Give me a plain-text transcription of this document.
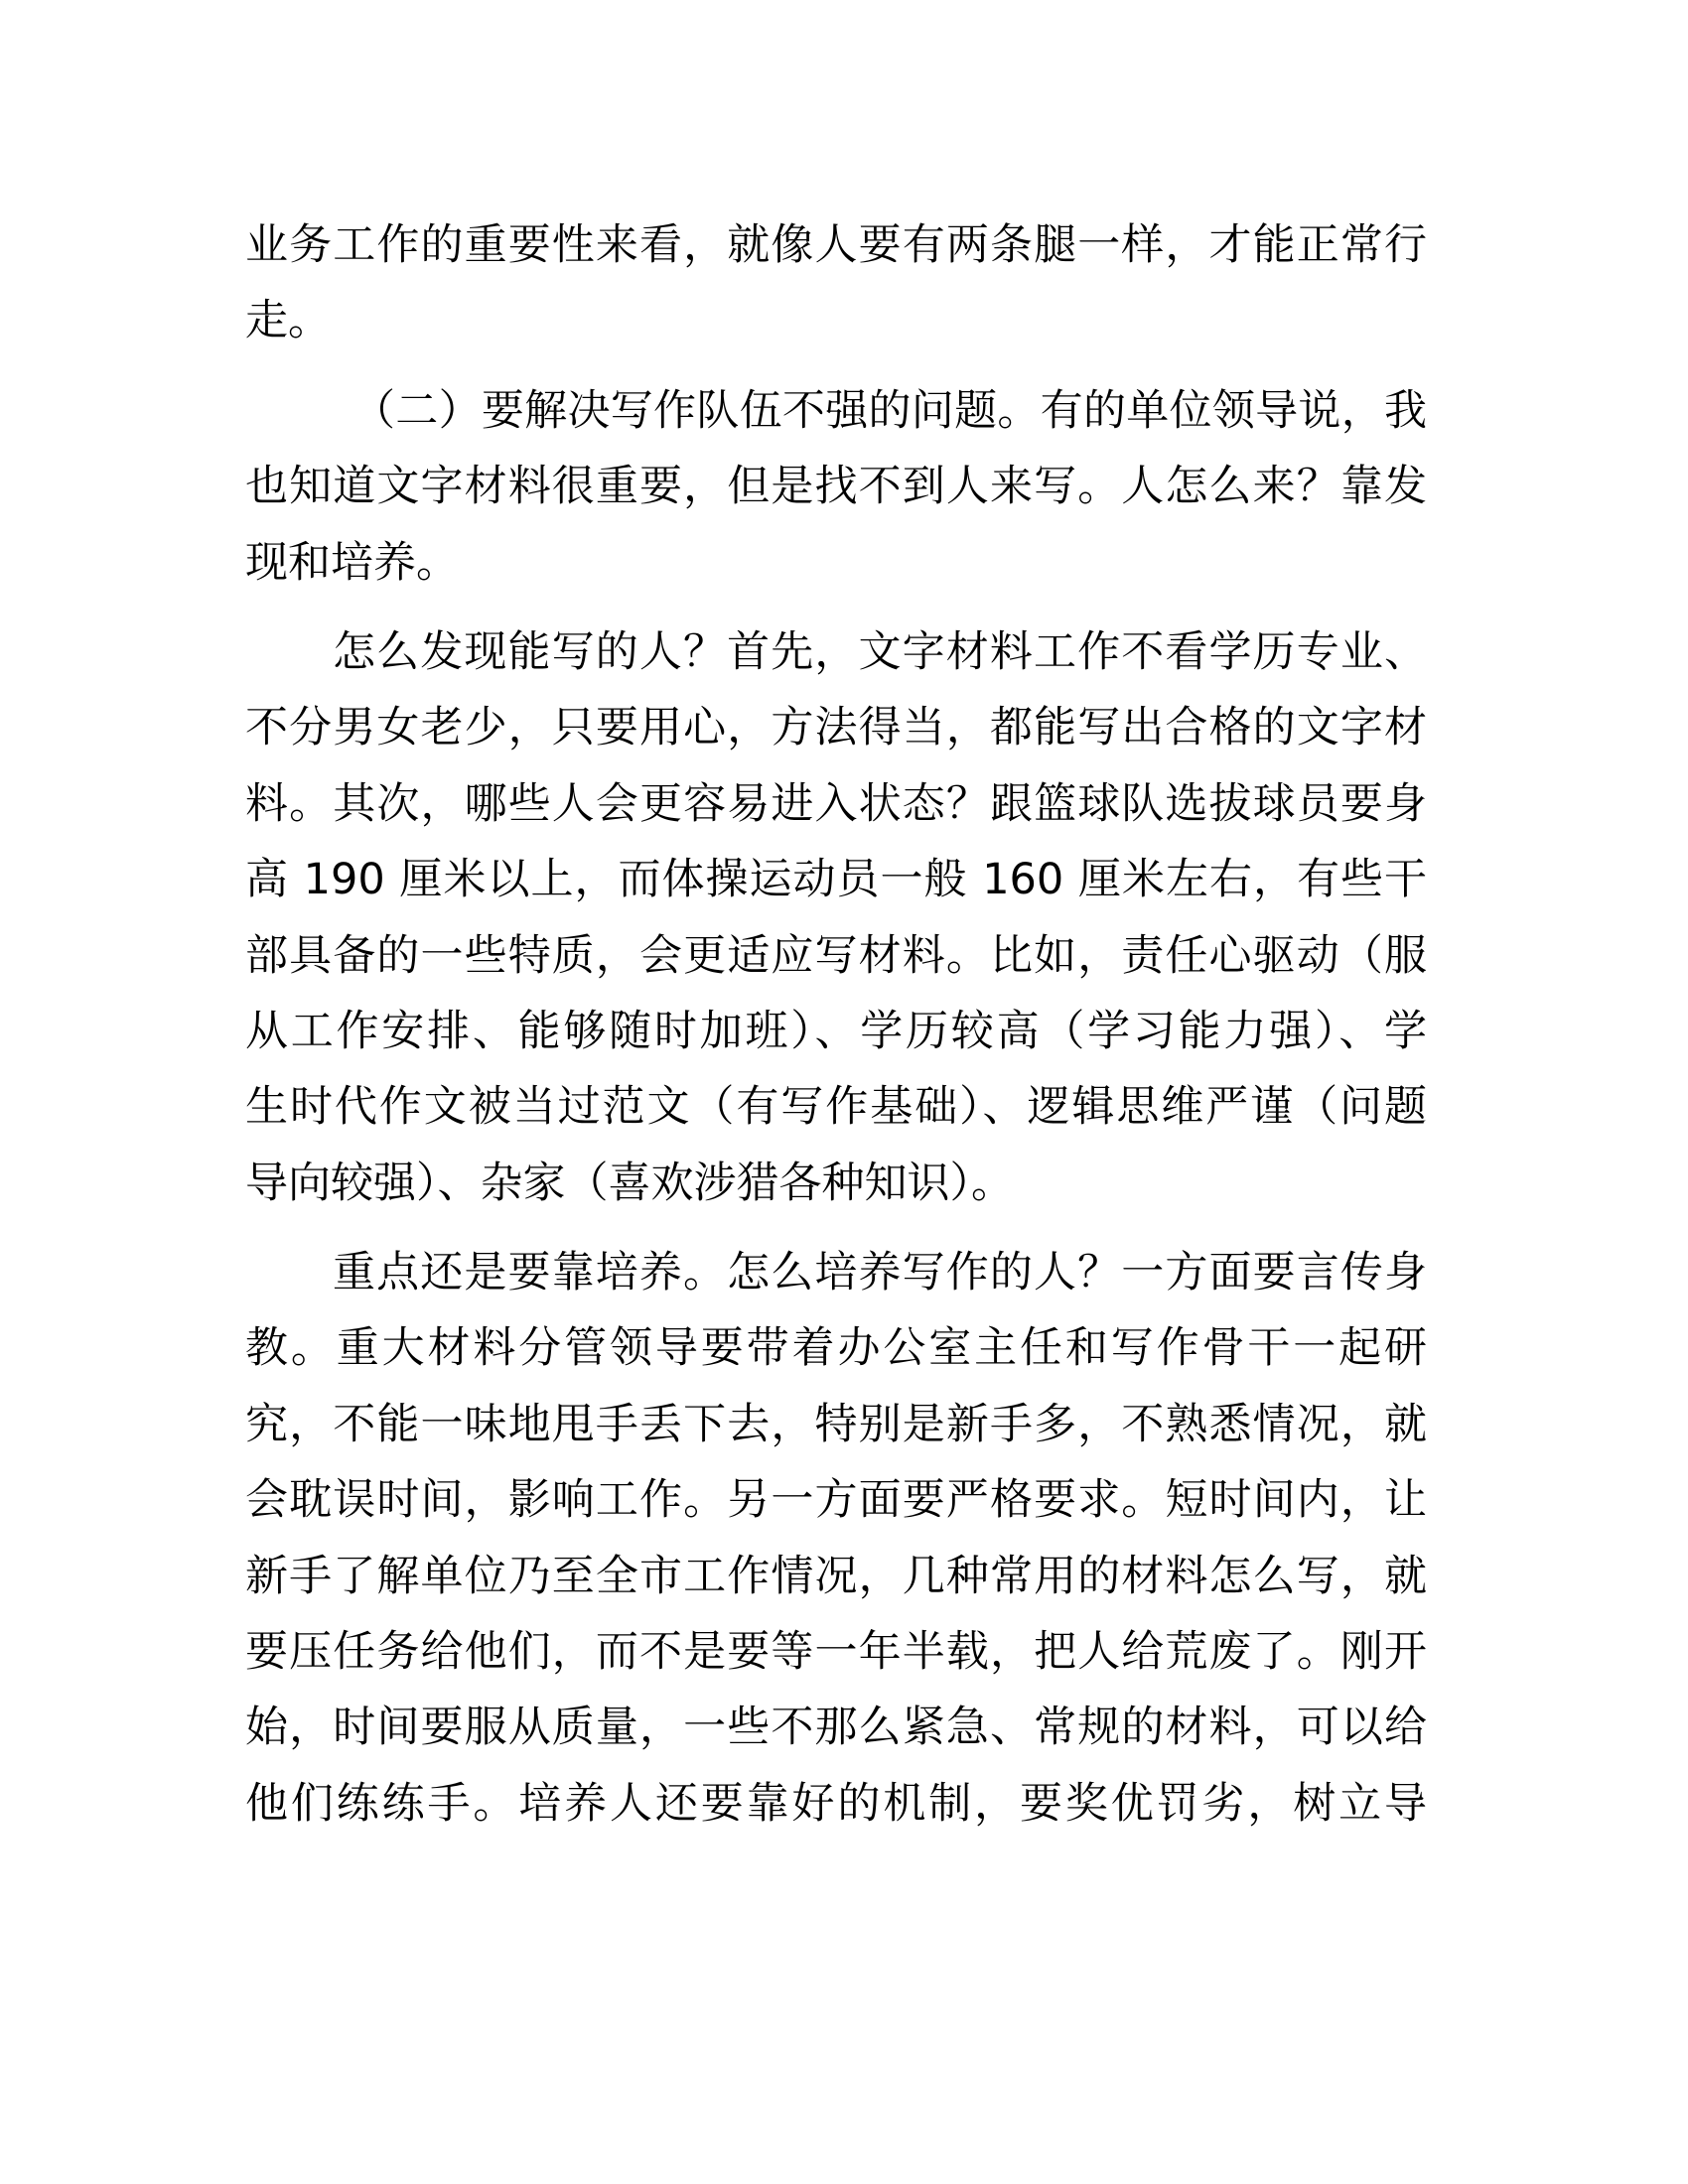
业务工作的重要性来看，就像人要有两条腿一样，才能正常行
走。
（二）要解决写作队伍不强的问题。有的单位领导说，我
也知道文字材料很重要，但是找不到人来写。人怎么来？靠发
现和培养。
怎么发现能写的人？首先，文字材料工作不看学历专业、
不分男女老少，只要用心，方法得当，都能写出合格的文字材
料。其次，哪些人会更容易进入状态？跟篮球队选拔球员要身
高 190 厘米以上，而体操运动员一般 160 厘米左右，有些干
部具备的一些特质，会更适应写材料。比如，责任心驱动（服
从工作安排、能够随时加班）、学历较高（学习能力强）、学
生时代作文被当过范文（有写作基础）、逻辑思维严谨（问题
导向较强）、杂家（喜欢涉猎各种知识）。
重点还是要靠培养。怎么培养写作的人？一方面要言传身
教。重大材料分管领导要带着办公室主任和写作骨干一起研
究，不能一味地甩手丢下去，特别是新手多，不熟悉情况，就
会耽误时间，影响工作。另一方面要严格要求。短时间内，让
新手了解单位乃至全市工作情况，几种常用的材料怎么写，就
要压任务给他们，而不是要等一年半载，把人给荒废了。刚开
始，时间要服从质量，一些不那么紧急、常规的材料，可以给
他们练练手。培养人还要靠好的机制，要奖优罚劣，树立导
